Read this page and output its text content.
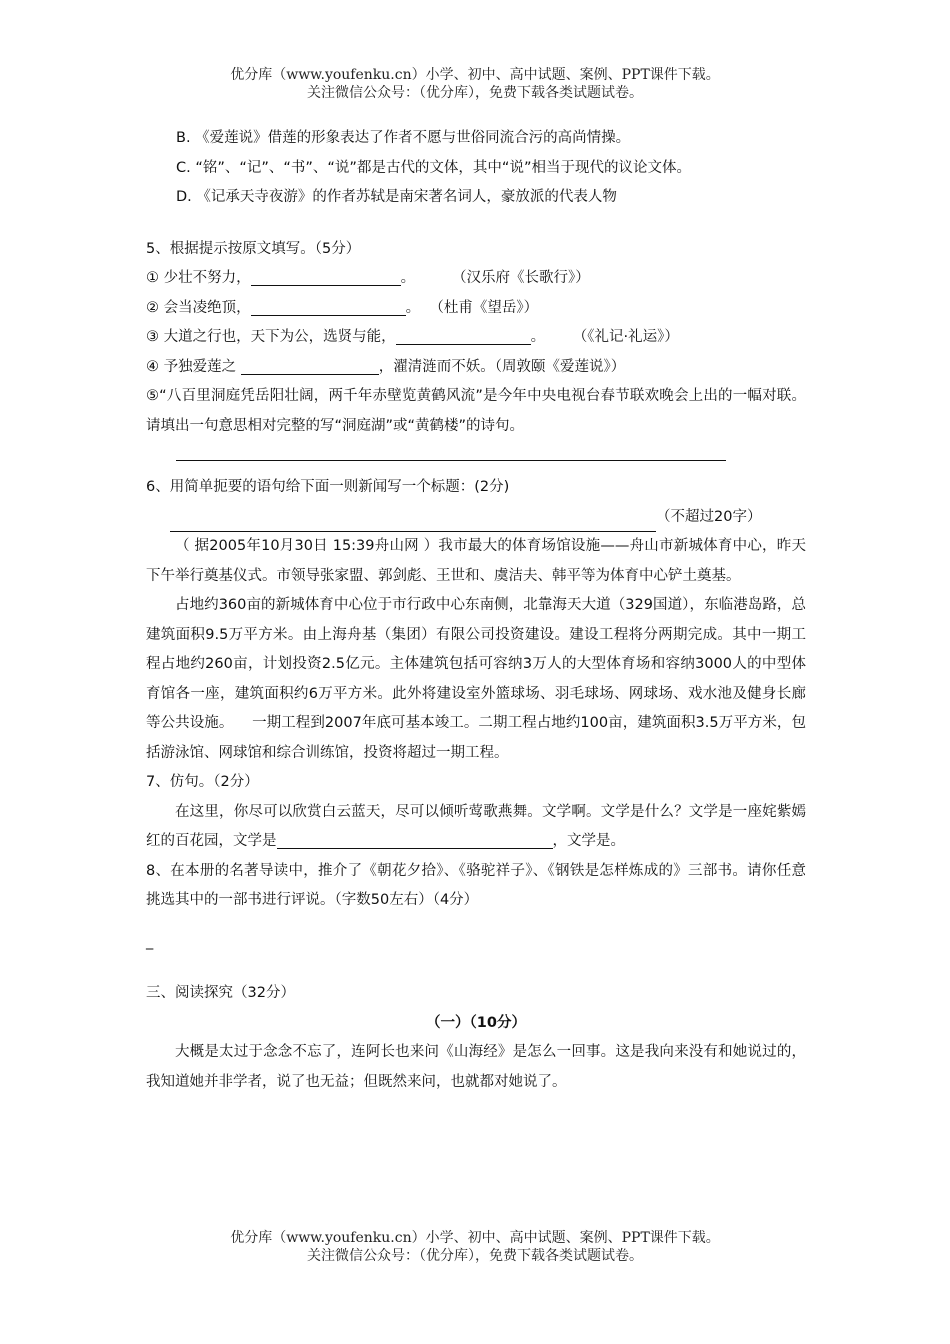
优分库（www.youfenku.cn）小学、初中、高中试题、案例、PPT课件下载。
关注微信公众号：（优分库），免费下载各类试题试卷。

B. 《爱莲说》借莲的形象表达了作者不愿与世俗同流合污的高尚情操。

C. “铭”、“记”、“书”、“说”都是古代的文体，其中“说”相当于现代的议论文体。

D. 《记承天寺夜游》的作者苏轼是南宋著名词人，豪放派的代表人物

5、根据提示按原文填写。（5分）

① 少壮不努力，	。        （汉乐府《长歌行》）

② 会当凌绝顶，	。  （杜甫《望岳》）

③ 大道之行也，天下为公，选贤与能，	。      （《礼记·礼运》）

④ 予独爱莲之	，濯清涟而不妖。（周敦颐《爱莲说》）

⑤“八百里洞庭凭岳阳壮阔，两千年赤壁览黄鹤风流”是今年中央电视台春节联欢晚会上出的一幅对联。请填出一句意思相对完整的写“洞庭湖”或“黄鹤楼”的诗句。

6、用简单扼要的语句给下面一则新闻写一个标题：(2分)

（不超过20字）

（ 据2005年10月30日 15:39舟山网 ）我市最大的体育场馆设施——舟山市新城体育中心，昨天下午举行奠基仪式。市领导张家盟、郭剑彪、王世和、虞洁夫、韩平等为体育中心铲土奠基。

占地约360亩的新城体育中心位于市行政中心东南侧，北靠海天大道（329国道），东临港岛路，总建筑面积9.5万平方米。由上海舟基（集团）有限公司投资建设。建设工程将分两期完成。其中一期工程占地约260亩，计划投资2.5亿元。主体建筑包括可容纳3万人的大型体育场和容纳3000人的中型体育馆各一座，建筑面积约6万平方米。此外将建设室外篮球场、羽毛球场、网球场、戏水池及健身长廊等公共设施。    一期工程到2007年底可基本竣工。二期工程占地约100亩，建筑面积3.5万平方米，包括游泳馆、网球馆和综合训练馆，投资将超过一期工程。

7、仿句。（2分）

在这里，你尽可以欣赏白云蓝天，尽可以倾听莺歌燕舞。文学啊。文学是什么？文学是一座姹紫嫣红的百花园，文学是	，文学是。

8、在本册的名著导读中，推介了《朝花夕拾》、《骆驼祥子》、《钢铁是怎样炼成的》三部书。请你任意挑选其中的一部书进行评说。（字数50左右）（4分）

_

三、阅读探究（32分）

（一）（10分）

大概是太过于念念不忘了，连阿长也来问《山海经》是怎么一回事。这是我向来没有和她说过的，我知道她并非学者，说了也无益；但既然来问，也就都对她说了。

优分库（www.youfenku.cn）小学、初中、高中试题、案例、PPT课件下载。
关注微信公众号：（优分库），免费下载各类试题试卷。
